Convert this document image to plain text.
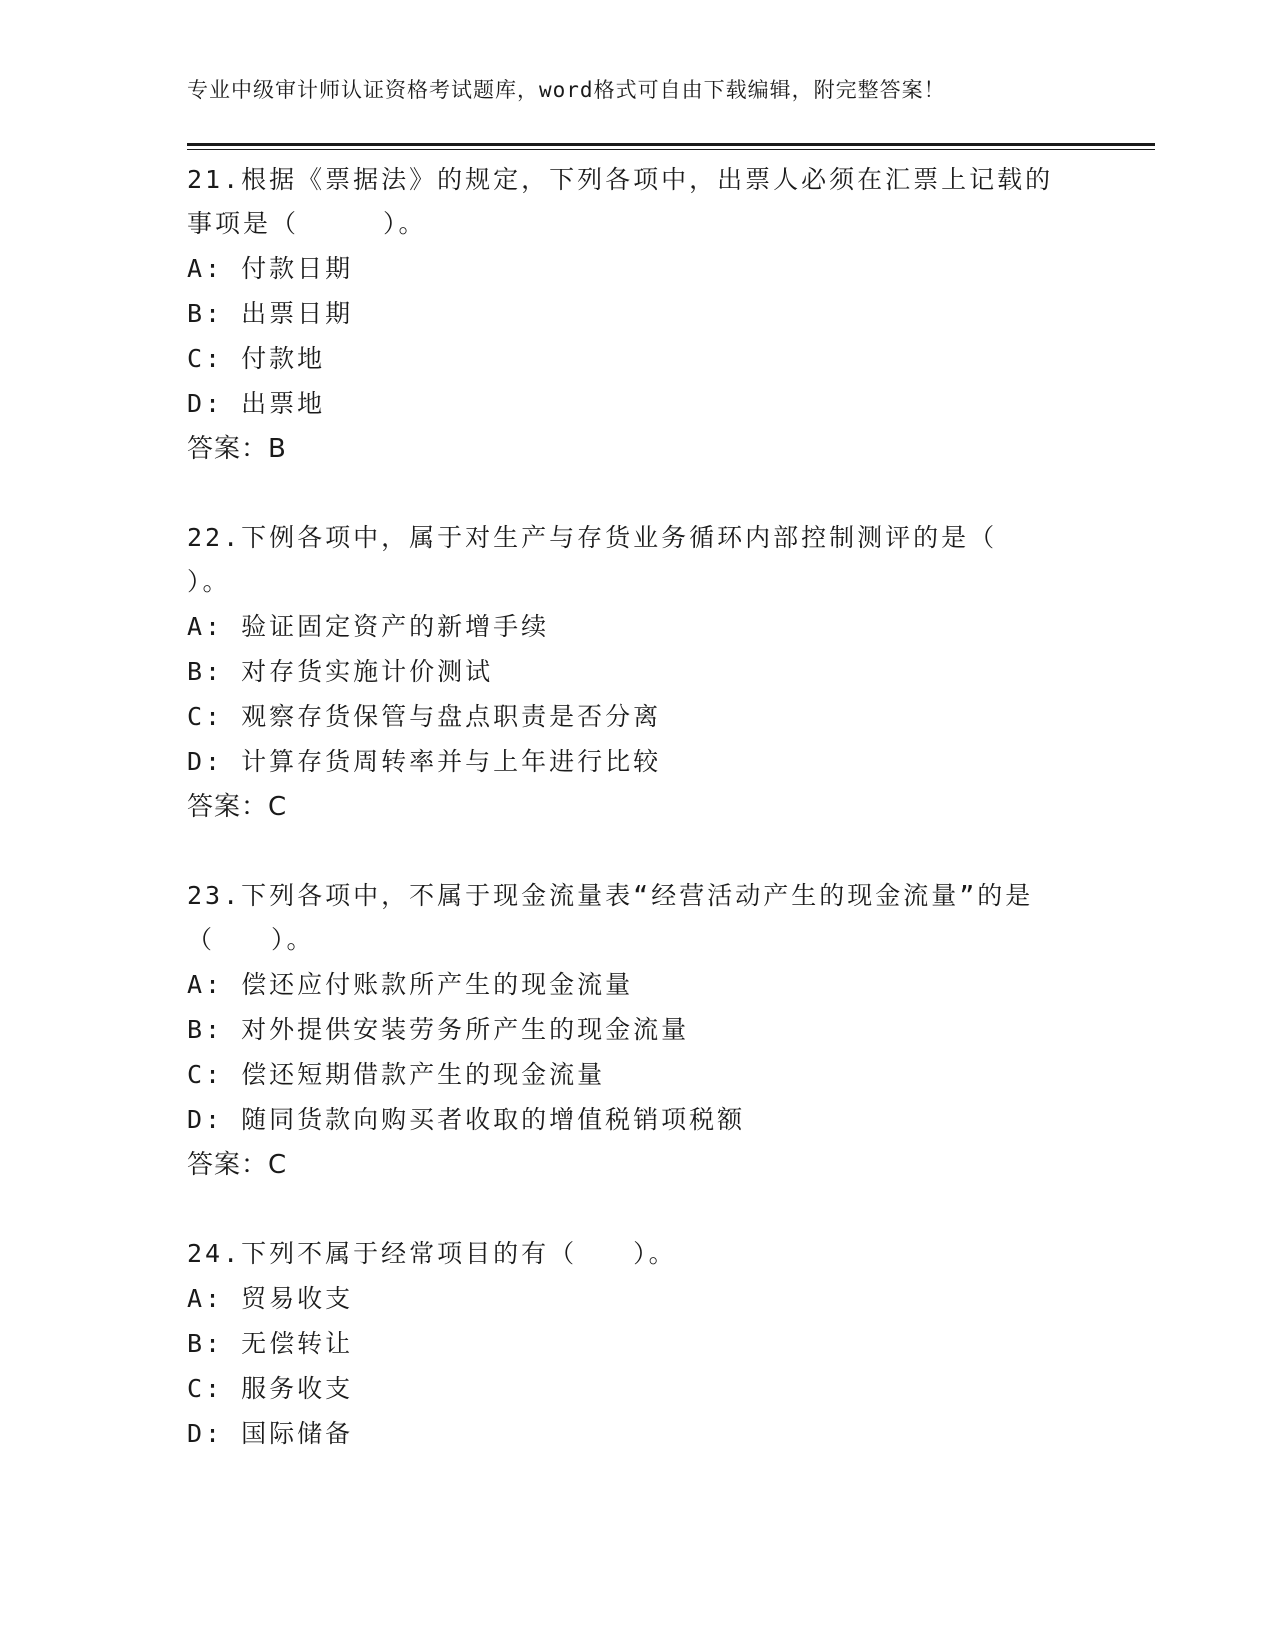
专业中级审计师认证资格考试题库，word格式可自由下载编辑，附完整答案！
21.根据《票据法》的规定，下列各项中，出票人必须在汇票上记载的
事项是（　　　）。
A: 付款日期
B: 出票日期
C: 付款地
D: 出票地
答案：B
22.下例各项中，属于对生产与存货业务循环内部控制测评的是（
）。
A: 验证固定资产的新增手续
B: 对存货实施计价测试
C: 观察存货保管与盘点职责是否分离
D: 计算存货周转率并与上年进行比较
答案：C
23.下列各项中，不属于现金流量表“经营活动产生的现金流量”的是
（　　）。
A: 偿还应付账款所产生的现金流量
B: 对外提供安装劳务所产生的现金流量
C: 偿还短期借款产生的现金流量
D: 随同货款向购买者收取的增值税销项税额
答案：C
24.下列不属于经常项目的有（　　）。
A: 贸易收支
B: 无偿转让
C: 服务收支
D: 国际储备
